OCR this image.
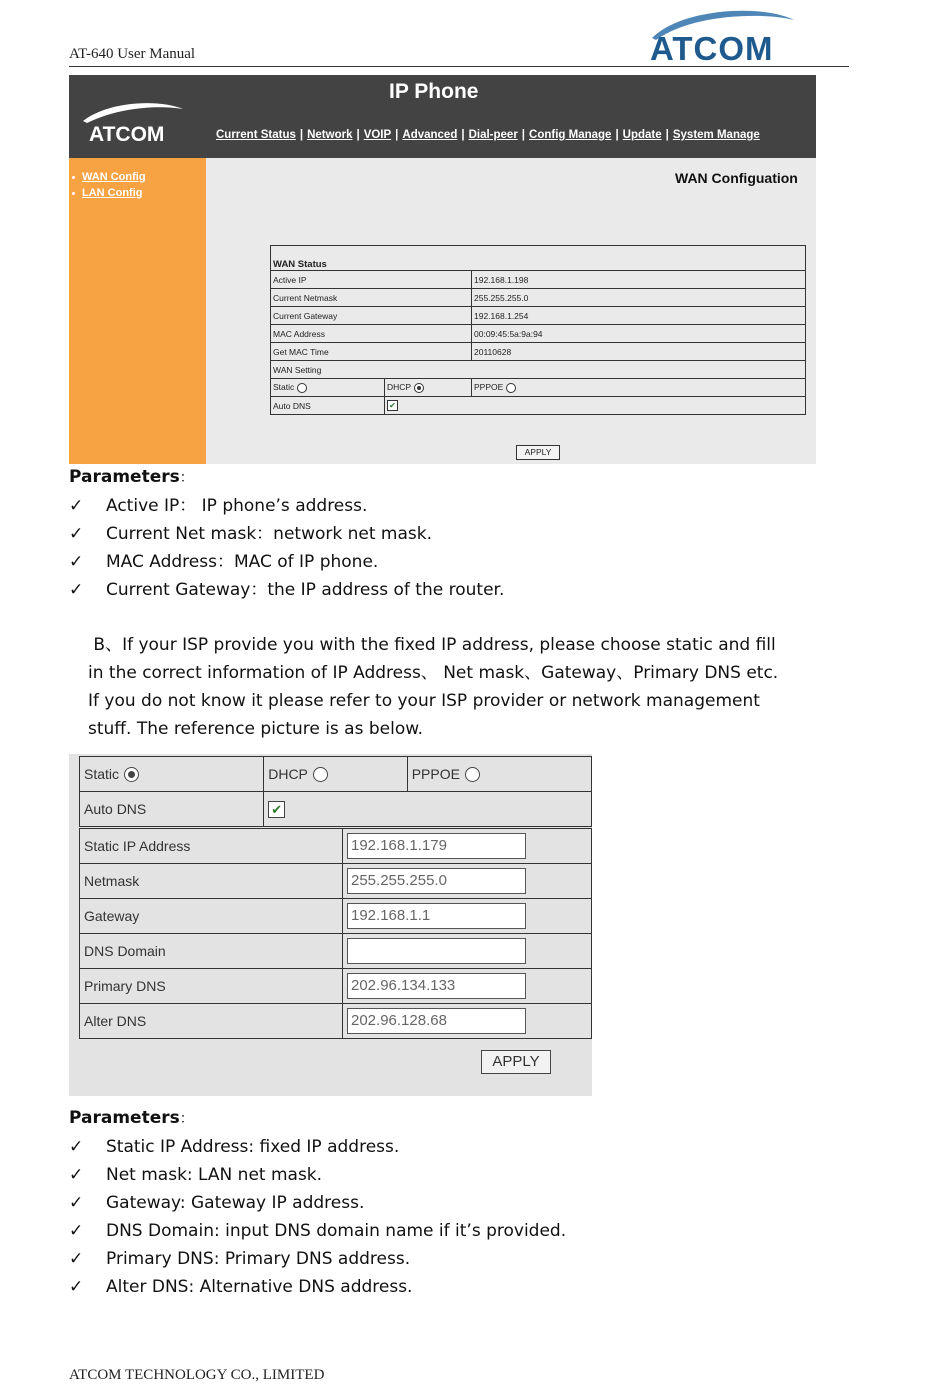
AT-640 User Manual	ATCOM
ATCOM
IP Phone
Current Status | Network | VOIP | Advanced | Dial-peer | Config Manage | Update | System Manage
WAN Config
LAN Config
WAN Configuation
WAN Status		
Active IP		192.168.1.198
Current Netmask		255.255.255.0
Current Gateway		192.168.1.254
MAC Address		00:09:45:5a:9a:94
Get MAC Time		20110628
WAN Setting		
Static	DHCP	PPPOE
Auto DNS	✔	
APPLY
Parameters：
✓ Active IP： IP phone’s address.
✓ Current Net mask：network net mask.
✓ MAC Address：MAC of IP phone.
✓ Current Gateway：the IP address of the router.

B、If your ISP provide you with the fixed IP address, please choose static and fill

in the correct information of IP Address、 Net mask、Gateway、Primary DNS etc.

If you do not know it please refer to your ISP provider or network management

stuff. The reference picture is as below.

Static	DHCP	PPPOE
Auto DNS	✔	
Static IP Address	192.168.1.179
Netmask	255.255.255.0
Gateway	192.168.1.1
DNS Domain	
Primary DNS	202.96.134.133
Alter DNS	202.96.128.68
APPLY
Parameters：
✓ Static IP Address: fixed IP address.
✓ Net mask: LAN net mask.
✓ Gateway: Gateway IP address.
✓ DNS Domain: input DNS domain name if it’s provided.
✓ Primary DNS: Primary DNS address.
✓ Alter DNS: Alternative DNS address.
ATCOM TECHNOLOGY CO., LIMITED
